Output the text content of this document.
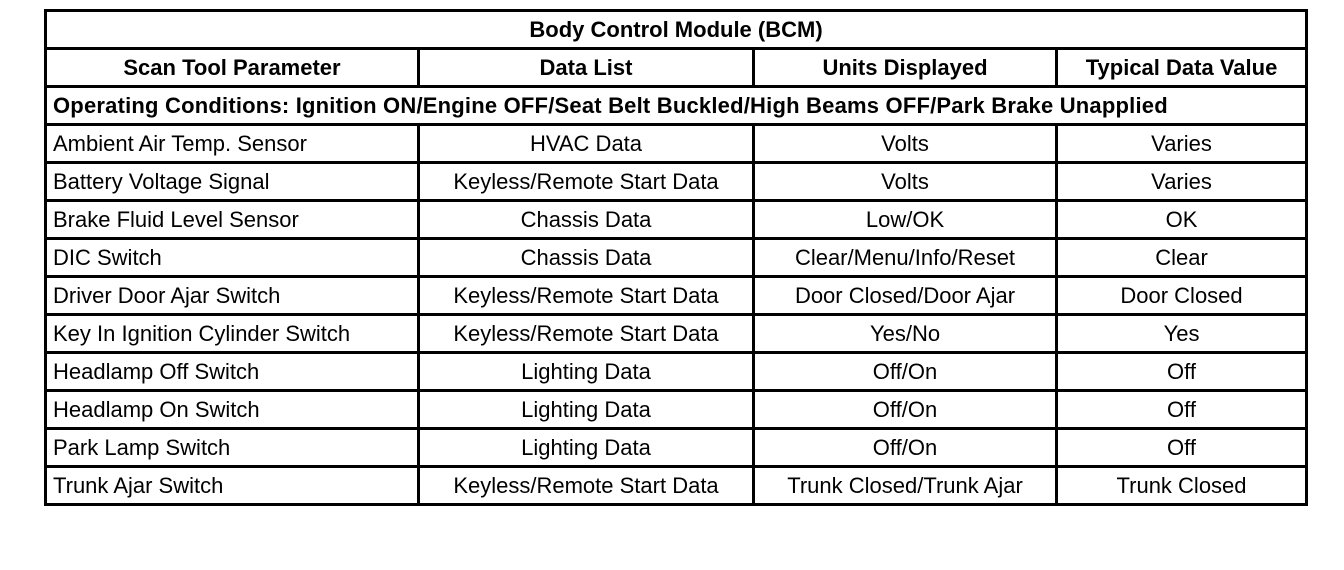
Body Control Module (BCM)			
Scan Tool Parameter	Data List	Units Displayed	Typical Data Value
Operating Conditions: Ignition ON/Engine OFF/Seat Belt Buckled/High Beams OFF/Park Brake Unapplied			
Ambient Air Temp. Sensor	HVAC Data	Volts	Varies
Battery Voltage Signal	Keyless/Remote Start Data	Volts	Varies
Brake Fluid Level Sensor	Chassis Data	Low/OK	OK
DIC Switch	Chassis Data	Clear/Menu/Info/Reset	Clear
Driver Door Ajar Switch	Keyless/Remote Start Data	Door Closed/Door Ajar	Door Closed
Key In Ignition Cylinder Switch	Keyless/Remote Start Data	Yes/No	Yes
Headlamp Off Switch	Lighting Data	Off/On	Off
Headlamp On Switch	Lighting Data	Off/On	Off
Park Lamp Switch	Lighting Data	Off/On	Off
Trunk Ajar Switch	Keyless/Remote Start Data	Trunk Closed/Trunk Ajar	Trunk Closed
